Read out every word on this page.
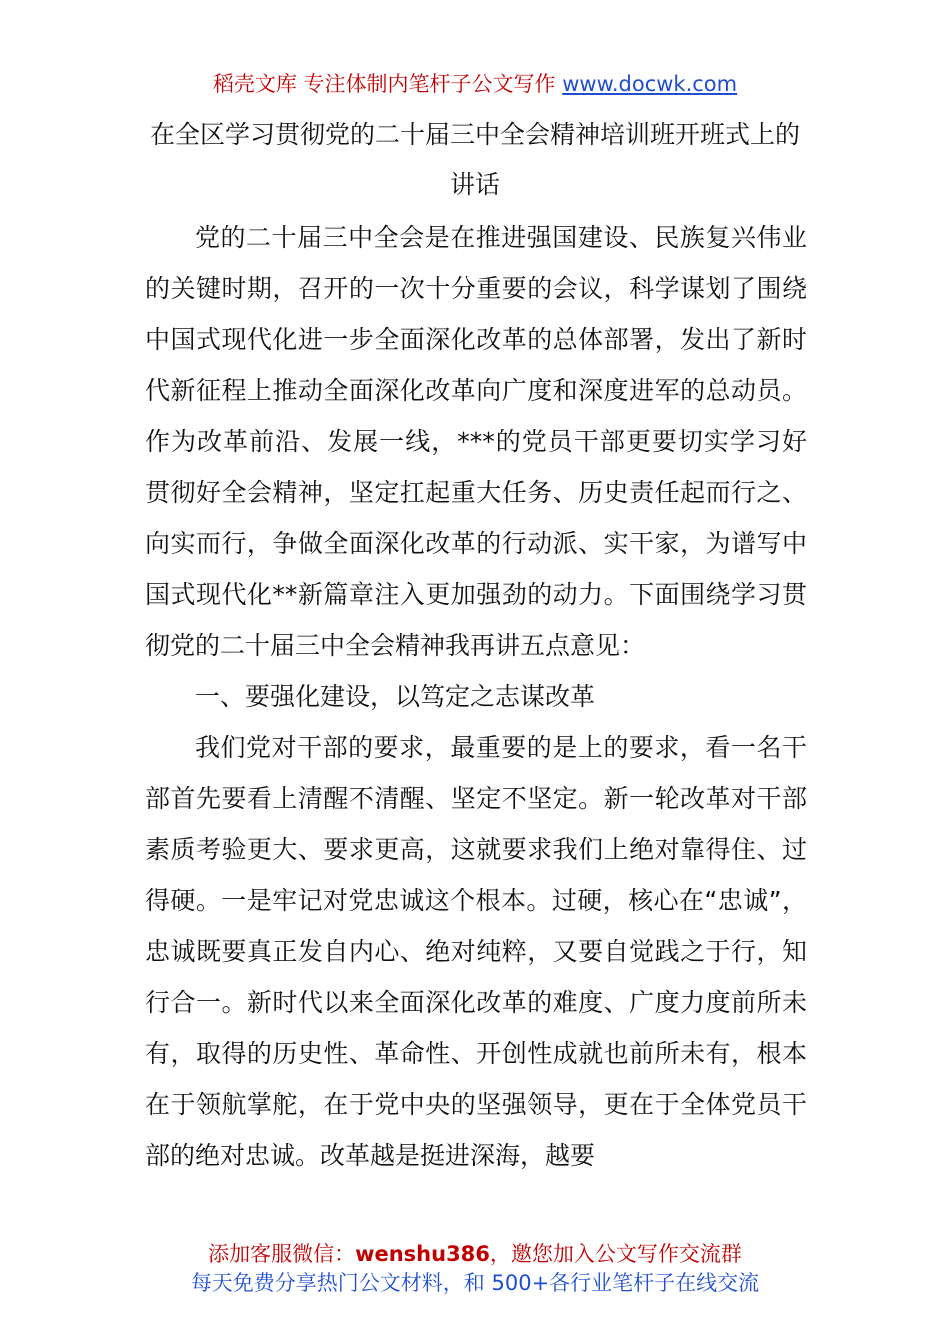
稻壳文库 专注体制内笔杆子公文写作 www.docwk.com
在全区学习贯彻党的二十届三中全会精神培训班开班式上的讲话

党的二十届三中全会是在推进强国建设、民族复兴伟业的关键时期，召开的一次十分重要的会议，科学谋划了围绕中国式现代化进一步全面深化改革的总体部署，发出了新时代新征程上推动全面深化改革向广度和深度进军的总动员。作为改革前沿、发展一线，***的党员干部更要切实学习好贯彻好全会精神，坚定扛起重大任务、历史责任起而行之、向实而行，争做全面深化改革的行动派、实干家，为谱写中国式现代化**新篇章注入更加强劲的动力。下面围绕学习贯彻党的二十届三中全会精神我再讲五点意见：

一、要强化建设，以笃定之志谋改革

我们党对干部的要求，最重要的是上的要求，看一名干部首先要看上清醒不清醒、坚定不坚定。新一轮改革对干部素质考验更大、要求更高，这就要求我们上绝对靠得住、过得硬。一是牢记对党忠诚这个根本。过硬，核心在“忠诚”，忠诚既要真正发自内心、绝对纯粹，又要自觉践之于行，知行合一。新时代以来全面深化改革的难度、广度力度前所未有，取得的历史性、革命性、开创性成就也前所未有，根本在于领航掌舵，在于党中央的坚强领导，更在于全体党员干部的绝对忠诚。改革越是挺进深海，越要

添加客服微信：wenshu386，邀您加入公文写作交流群
每天免费分享热门公文材料，和 500+各行业笔杆子在线交流
